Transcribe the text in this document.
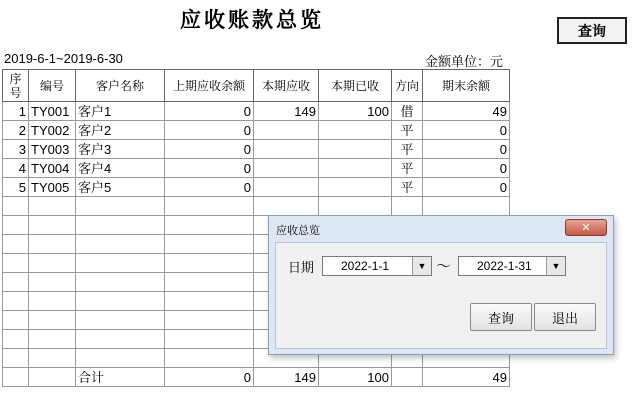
应收账款总览	查询
2019-6-1~2019-6-30	金额单位：元
序号	编号	客户名称	上期应收余额	本期应收	本期已收	方向	期末余额
1	TY001	客户1	0	149	100	借	49
2	TY002	客户2	0			平	0
3	TY003	客户3	0			平	0
4	TY004	客户4	0			平	0
5	TY005	客户5	0			平	0

		合计	0	149	100		49
应收总览	✕
日期 2022-1-1	▼ ～ 2022-1-31	▼
查询	退出
